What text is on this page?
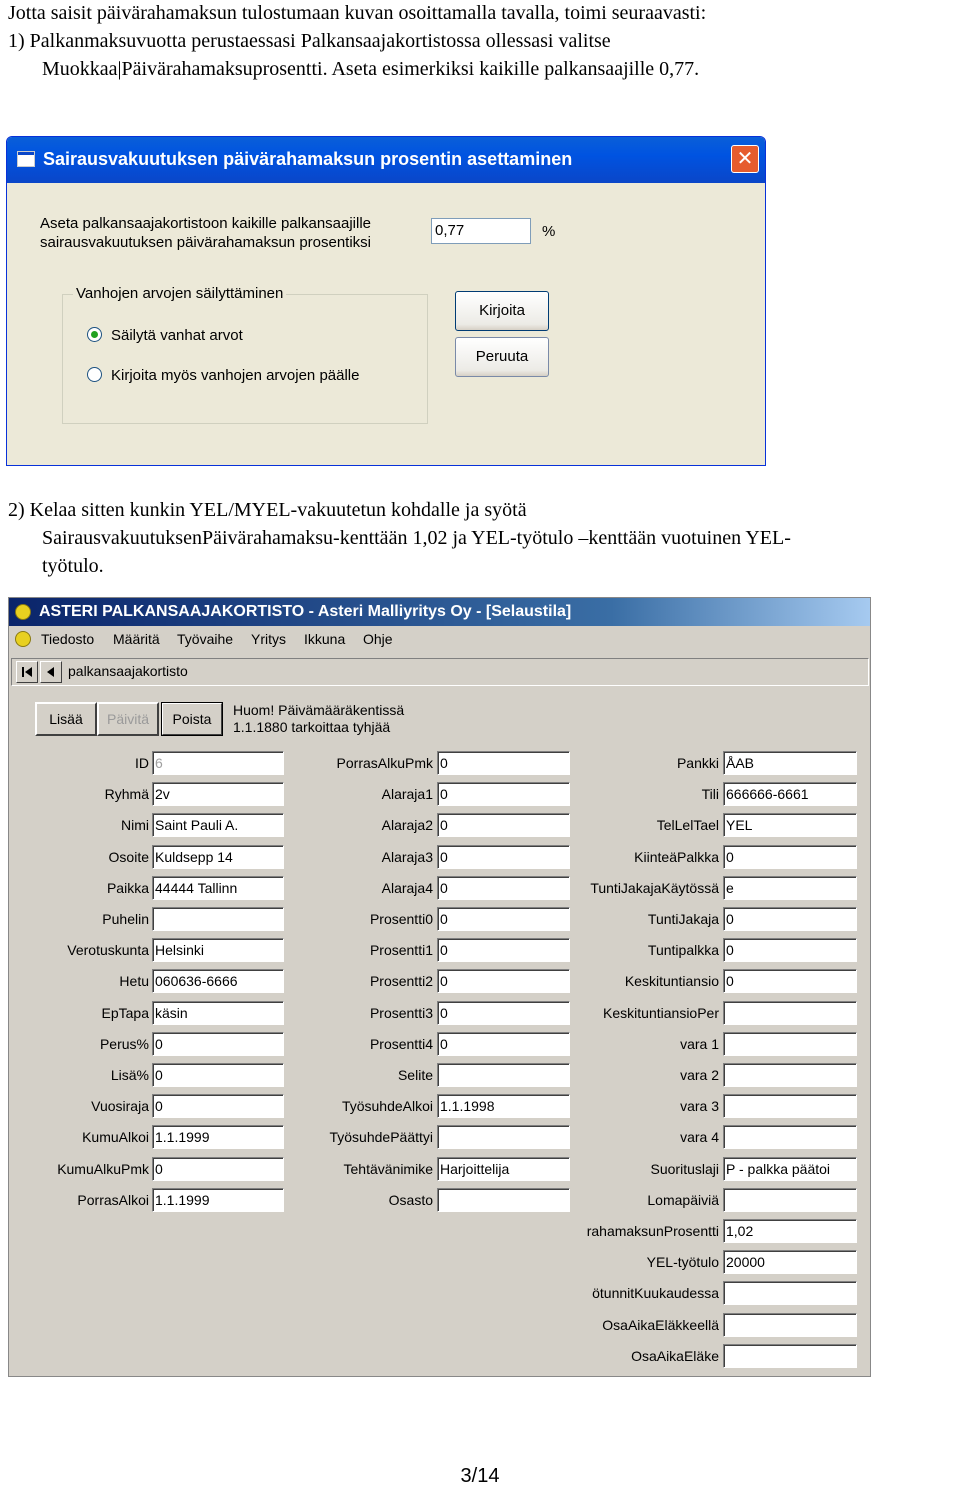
Jotta saisit päivärahamaksun tulostumaan kuvan osoittamalla tavalla, toimi seuraavasti:
1) Palkanmaksuvuotta perustaessasi Palkansaajakortistossa ollessasi valitse
Muokkaa|Päivärahamaksuprosentti. Aseta esimerkiksi kaikille palkansaajille 0,77.
Sairausvakuutuksen päivärahamaksun prosentin asettaminen	✕
Aseta palkansaajakortistoon kaikille palkansaajille
sairausvakuutuksen päivärahamaksun prosentiksi
0,77	%
Vanhojen arvojen säilyttäminen
Säilytä vanhat arvot
Kirjoita myös vanhojen arvojen päälle
Kirjoita
Peruuta
2) Kelaa sitten kunkin YEL/MYEL-vakuutetun kohdalle ja syötä
SairausvakuutuksenPäivärahamaksu-kenttään 1,02 ja YEL-työtulo –kenttään vuotuinen YEL-
työtulo.
ASTERI PALKANSAAJAKORTISTO - Asteri Malliyritys Oy - [Selaustila]
Tiedosto Määritä Työvaihe Yritys Ikkuna Ohje
palkansaajakortisto
Lisää	Päivitä	Poista
Huom! Päivämääräkentissä
1.1.1880 tarkoittaa tyhjää
ID 6
Ryhmä 2v
Nimi Saint Pauli A.
Osoite Kuldsepp 14
Paikka 44444 Tallinn
Puhelin
Verotuskunta Helsinki
Hetu 060636-6666
EpTapa käsin
Perus% 0
Lisä% 0
Vuosiraja 0
KumuAlkoi 1.1.1999
KumuAlkuPmk 0
PorrasAlkoi 1.1.1999
PorrasAlkuPmk 0
Alaraja1 0
Alaraja2 0
Alaraja3 0
Alaraja4 0
Prosentti0 0
Prosentti1 0
Prosentti2 0
Prosentti3 0
Prosentti4 0
Selite
TyösuhdeAlkoi 1.1.1998
TyösuhdePäättyi
Tehtävänimike Harjoittelija
Osasto
Pankki ÅAB
Tili 666666-6661
TelLelTael YEL
KiinteäPalkka 0
TuntiJakajaKäytössä e
TuntiJakaja 0
Tuntipalkka 0
Keskituntiansio 0
KeskituntiansioPer
vara 1
vara 2
vara 3
vara 4
Suoritusl​aji P - palkka päätoi
Lomapäiviä
rahamaksunProsentti 1,02
YEL-työtulo 20000
ötunnitKuukaudessa
OsaAikaEläkkeellä
OsaAikaEläke
3/14
